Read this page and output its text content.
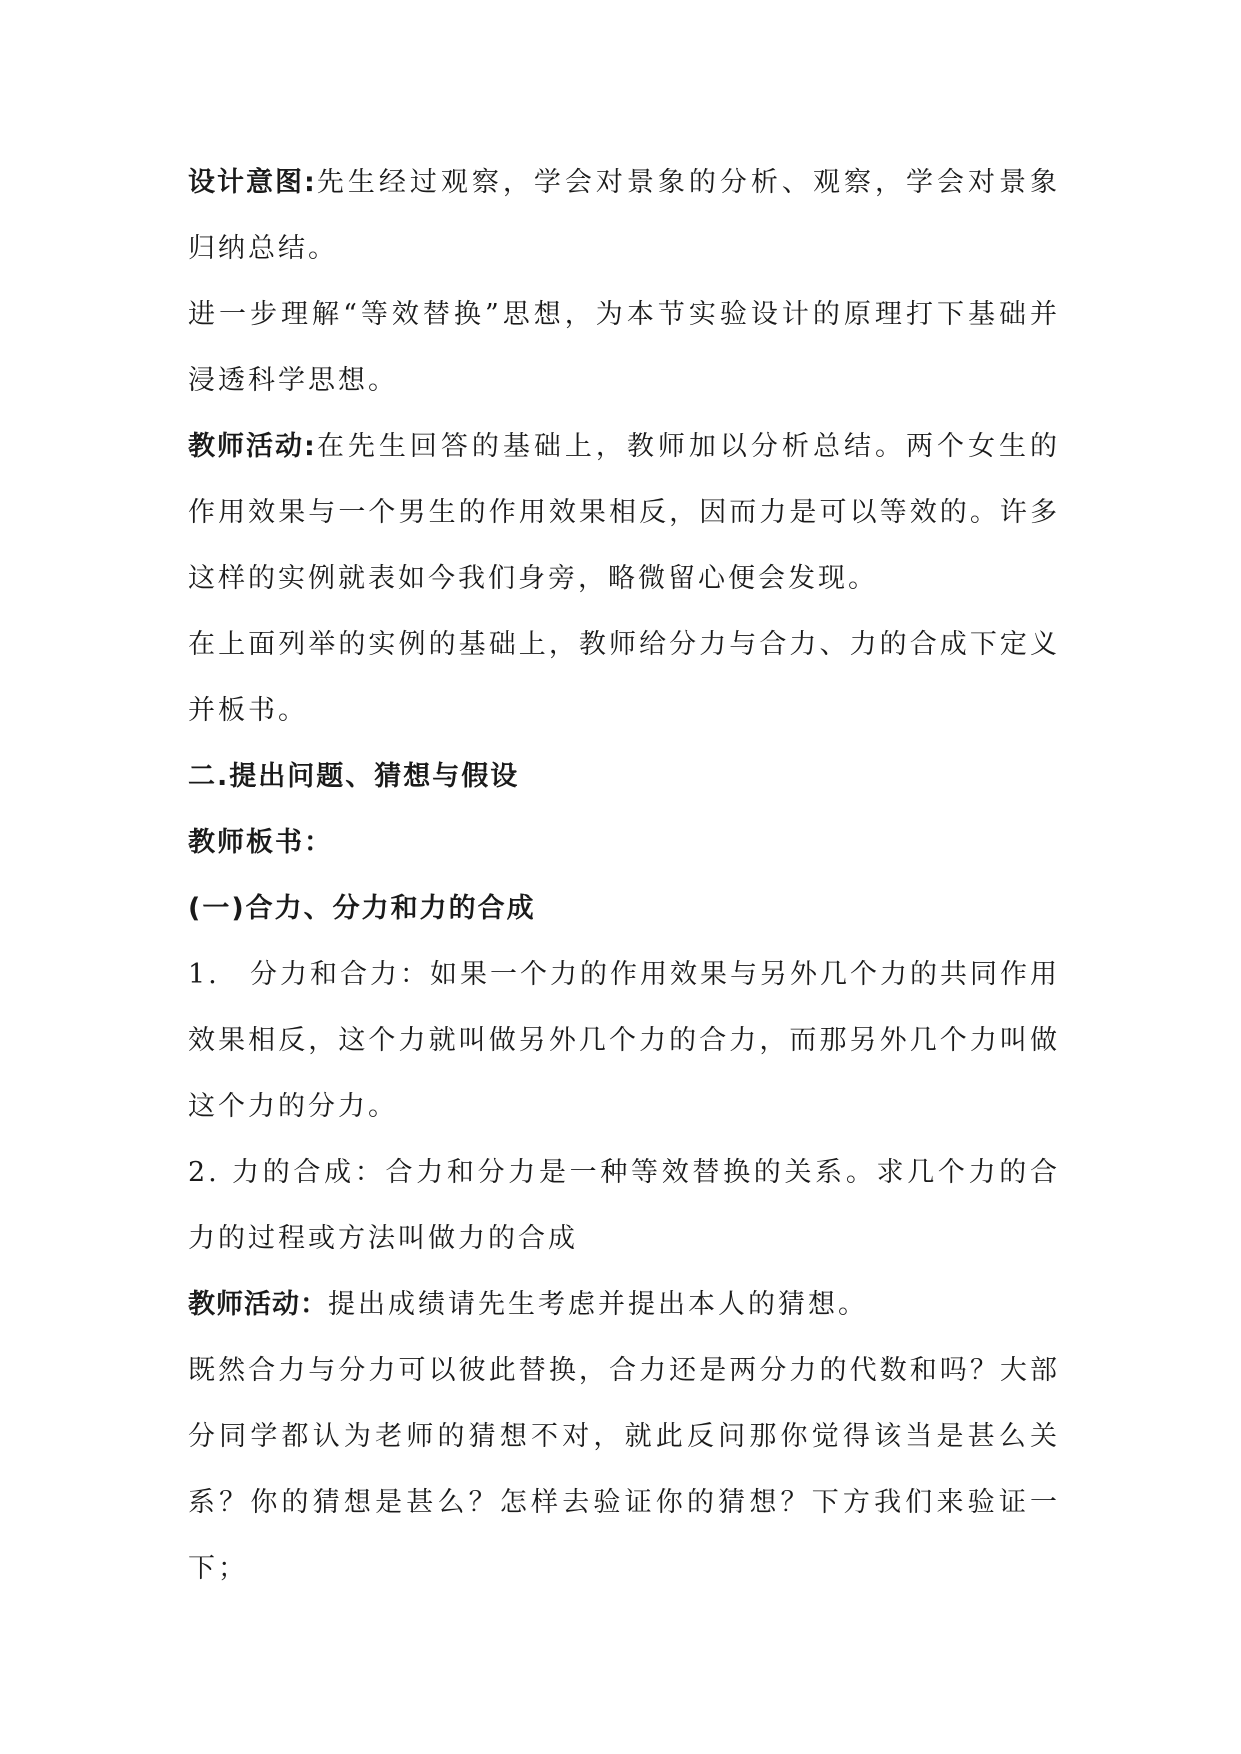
设计意图:先生经过观察，学会对景象的分析、观察，学会对景象归纳总结。

进一步理解“等效替换”思想，为本节实验设计的原理打下基础并浸透科学思想。

教师活动:在先生回答的基础上，教师加以分析总结。两个女生的作用效果与一个男生的作用效果相反，因而力是可以等效的。许多这样的实例就表如今我们身旁，略微留心便会发现。

在上面列举的实例的基础上，教师给分力与合力、力的合成下定义并板书。

二.提出问题、猜想与假设

教师板书：

(一)合力、分力和力的合成

1. 分力和合力：如果一个力的作用效果与另外几个力的共同作用效果相反，这个力就叫做另外几个力的合力，而那另外几个力叫做这个力的分力。

2. 力的合成：合力和分力是一种等效替换的关系。求几个力的合力的过程或方法叫做力的合成

教师活动：提出成绩请先生考虑并提出本人的猜想。

既然合力与分力可以彼此替换，合力还是两分力的代数和吗？大部分同学都认为老师的猜想不对，就此反问那你觉得该当是甚么关系？你的猜想是甚么？怎样去验证你的猜想？下方我们来验证一下；
